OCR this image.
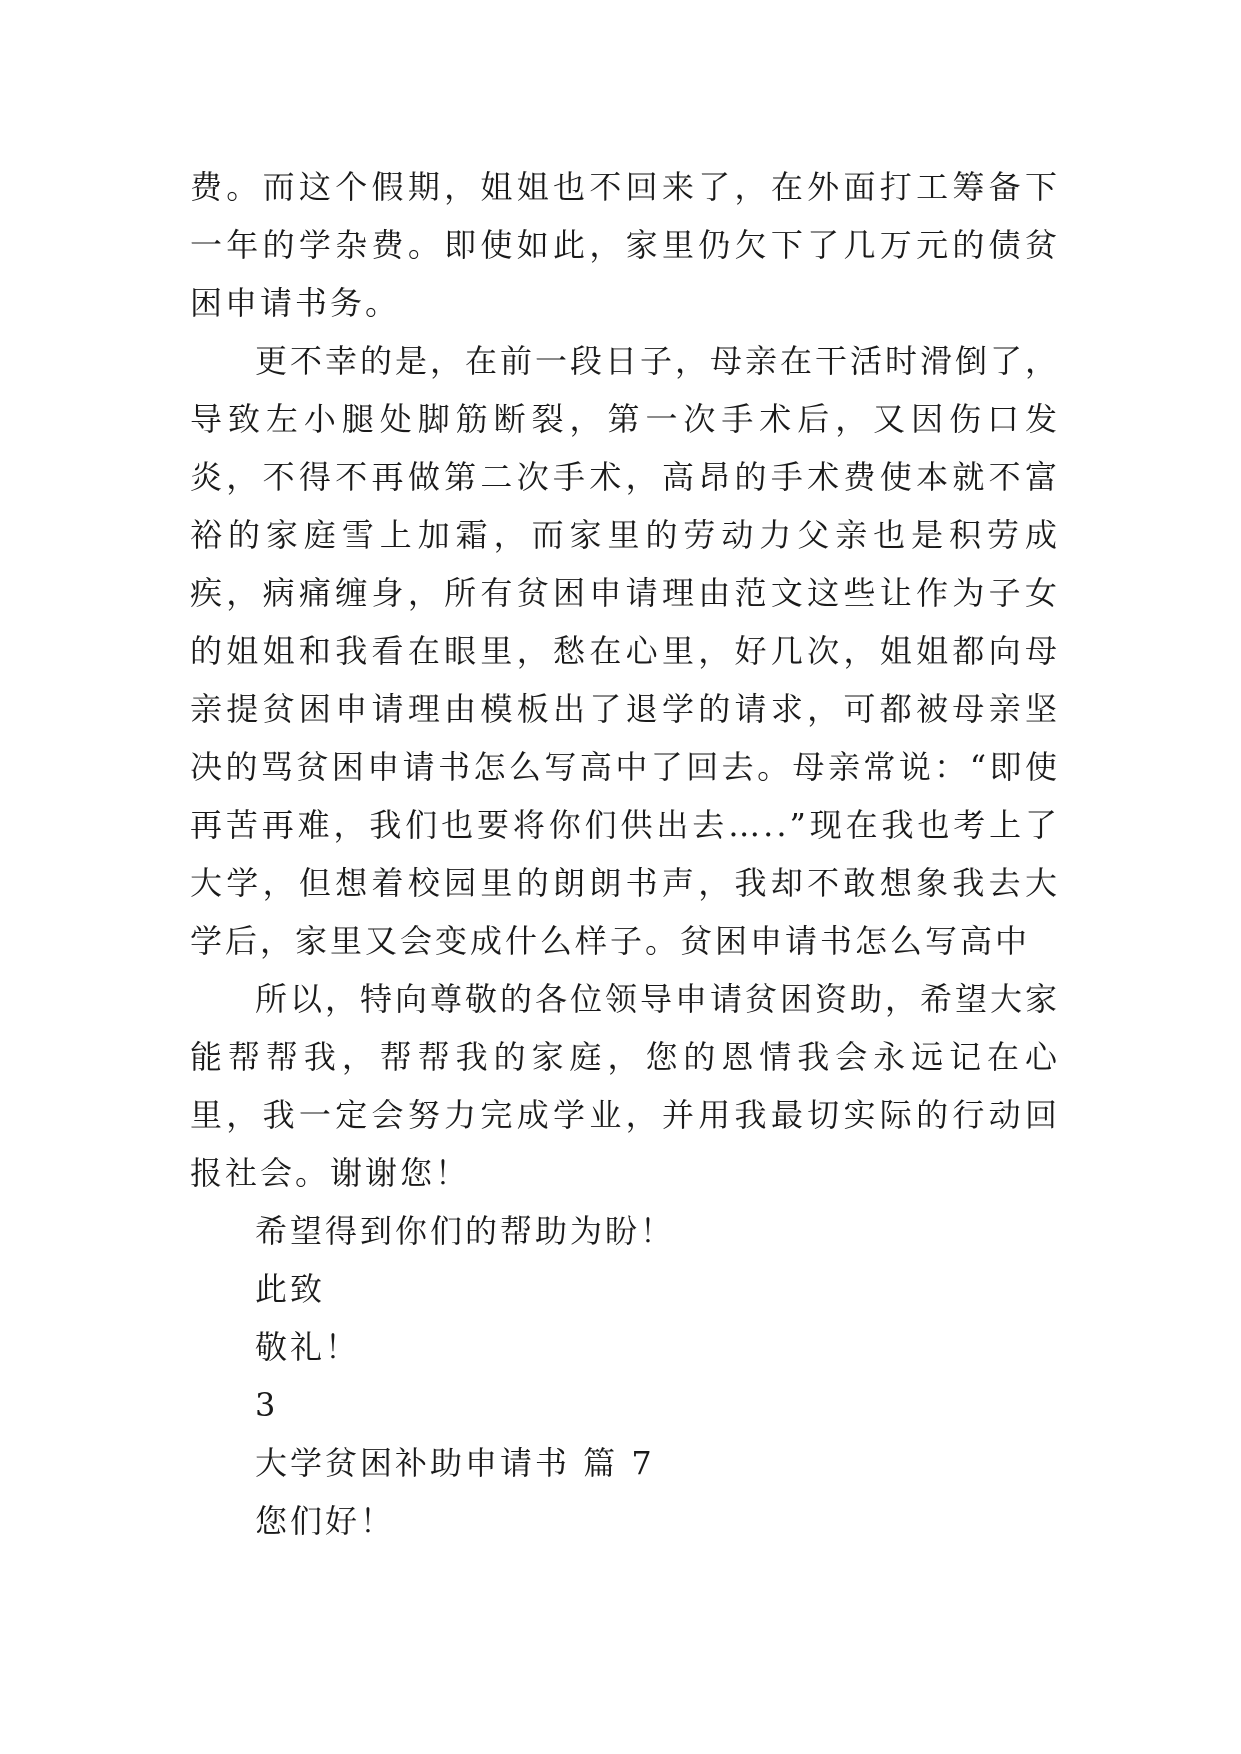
费。而这个假期，姐姐也不回来了，在外面打工筹备下一年的学杂费。即使如此，家里仍欠下了几万元的债贫困申请书务。

更不幸的是，在前一段日子，母亲在干活时滑倒了，导致左小腿处脚筋断裂，第一次手术后，又因伤口发炎，不得不再做第二次手术，高昂的手术费使本就不富裕的家庭雪上加霜，而家里的劳动力父亲也是积劳成疾，病痛缠身，所有贫困申请理由范文这些让作为子女的姐姐和我看在眼里，愁在心里，好几次，姐姐都向母亲提贫困申请理由模板出了退学的请求，可都被母亲坚决的骂贫困申请书怎么写高中了回去。母亲常说：“即使再苦再难，我们也要将你们供出去…..”现在我也考上了大学，但想着校园里的朗朗书声，我却不敢想象我去大学后，家里又会变成什么样子。贫困申请书怎么写高中

所以，特向尊敬的各位领导申请贫困资助，希望大家能帮帮我，帮帮我的家庭，您的恩情我会永远记在心里，我一定会努力完成学业，并用我最切实际的行动回报社会。谢谢您！

希望得到你们的帮助为盼！

此致

敬礼！

3

大学贫困补助申请书 篇 7

您们好！
